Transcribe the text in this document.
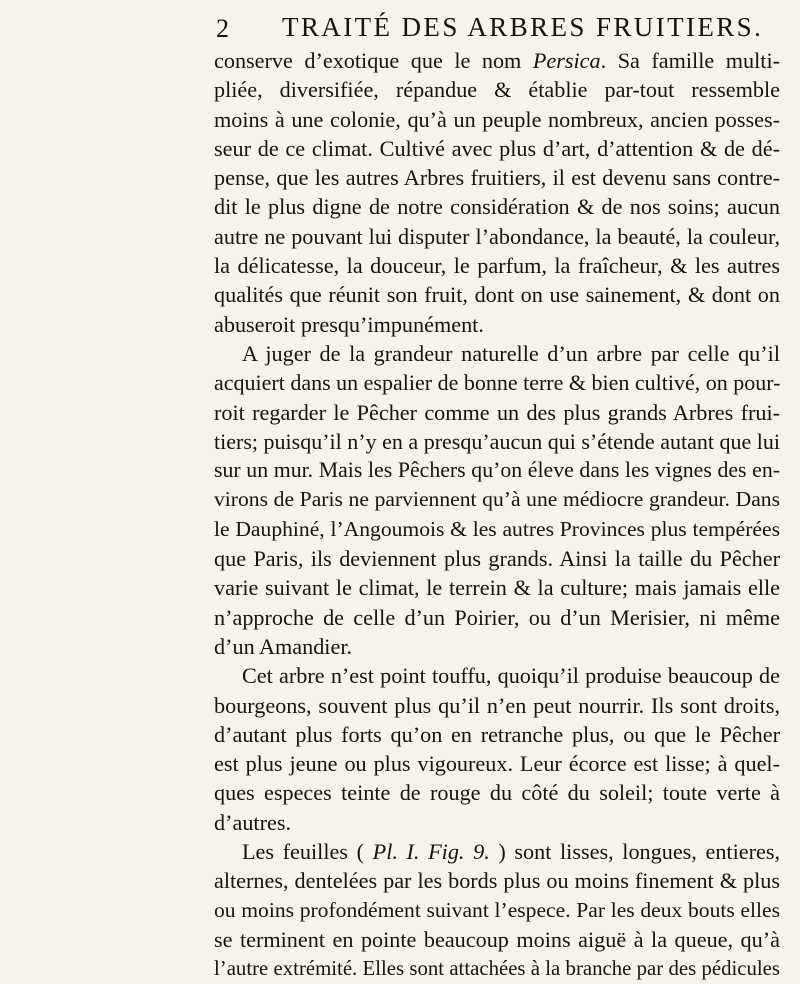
2 TRAITÉ DES ARBRES FRUITIERS.
conserve d’exotique que le nom Persica. Sa famille multi-
pliée, diversifiée, répandue & établie par-tout ressemble
moins à une colonie, qu’à un peuple nombreux, ancien posses-
seur de ce climat. Cultivé avec plus d’art, d’attention & de dé-
pense, que les autres Arbres fruitiers, il est devenu sans contre-
dit le plus digne de notre considération & de nos soins; aucun
autre ne pouvant lui disputer l’abondance, la beauté, la couleur,
la délicatesse, la douceur, le parfum, la fraîcheur, & les autres
qualités que réunit son fruit, dont on use sainement, & dont on
abuseroit presqu’impunément.
A juger de la grandeur naturelle d’un arbre par celle qu’il
acquiert dans un espalier de bonne terre & bien cultivé, on pour-
roit regarder le Pêcher comme un des plus grands Arbres frui-
tiers; puisqu’il n’y en a presqu’aucun qui s’étende autant que lui
sur un mur. Mais les Pêchers qu’on éleve dans les vignes des en-
virons de Paris ne parviennent qu’à une médiocre grandeur. Dans
le Dauphiné, l’Angoumois & les autres Provinces plus tempérées
que Paris, ils deviennent plus grands. Ainsi la taille du Pêcher
varie suivant le climat, le terrein & la culture; mais jamais elle
n’approche de celle d’un Poirier, ou d’un Merisier, ni même
d’un Amandier.
Cet arbre n’est point touffu, quoiqu’il produise beaucoup de
bourgeons, souvent plus qu’il n’en peut nourrir. Ils sont droits,
d’autant plus forts qu’on en retranche plus, ou que le Pêcher
est plus jeune ou plus vigoureux. Leur écorce est lisse; à quel-
ques especes teinte de rouge du côté du soleil; toute verte à
d’autres.
Les feuilles ( Pl. I. Fig. 9. ) sont lisses, longues, entieres,
alternes, dentelées par les bords plus ou moins finement & plus
ou moins profondément suivant l’espece. Par les deux bouts elles
se terminent en pointe beaucoup moins aiguë à la queue, qu’à
l’autre extrémité. Elles sont attachées à la branche par des pédicules
